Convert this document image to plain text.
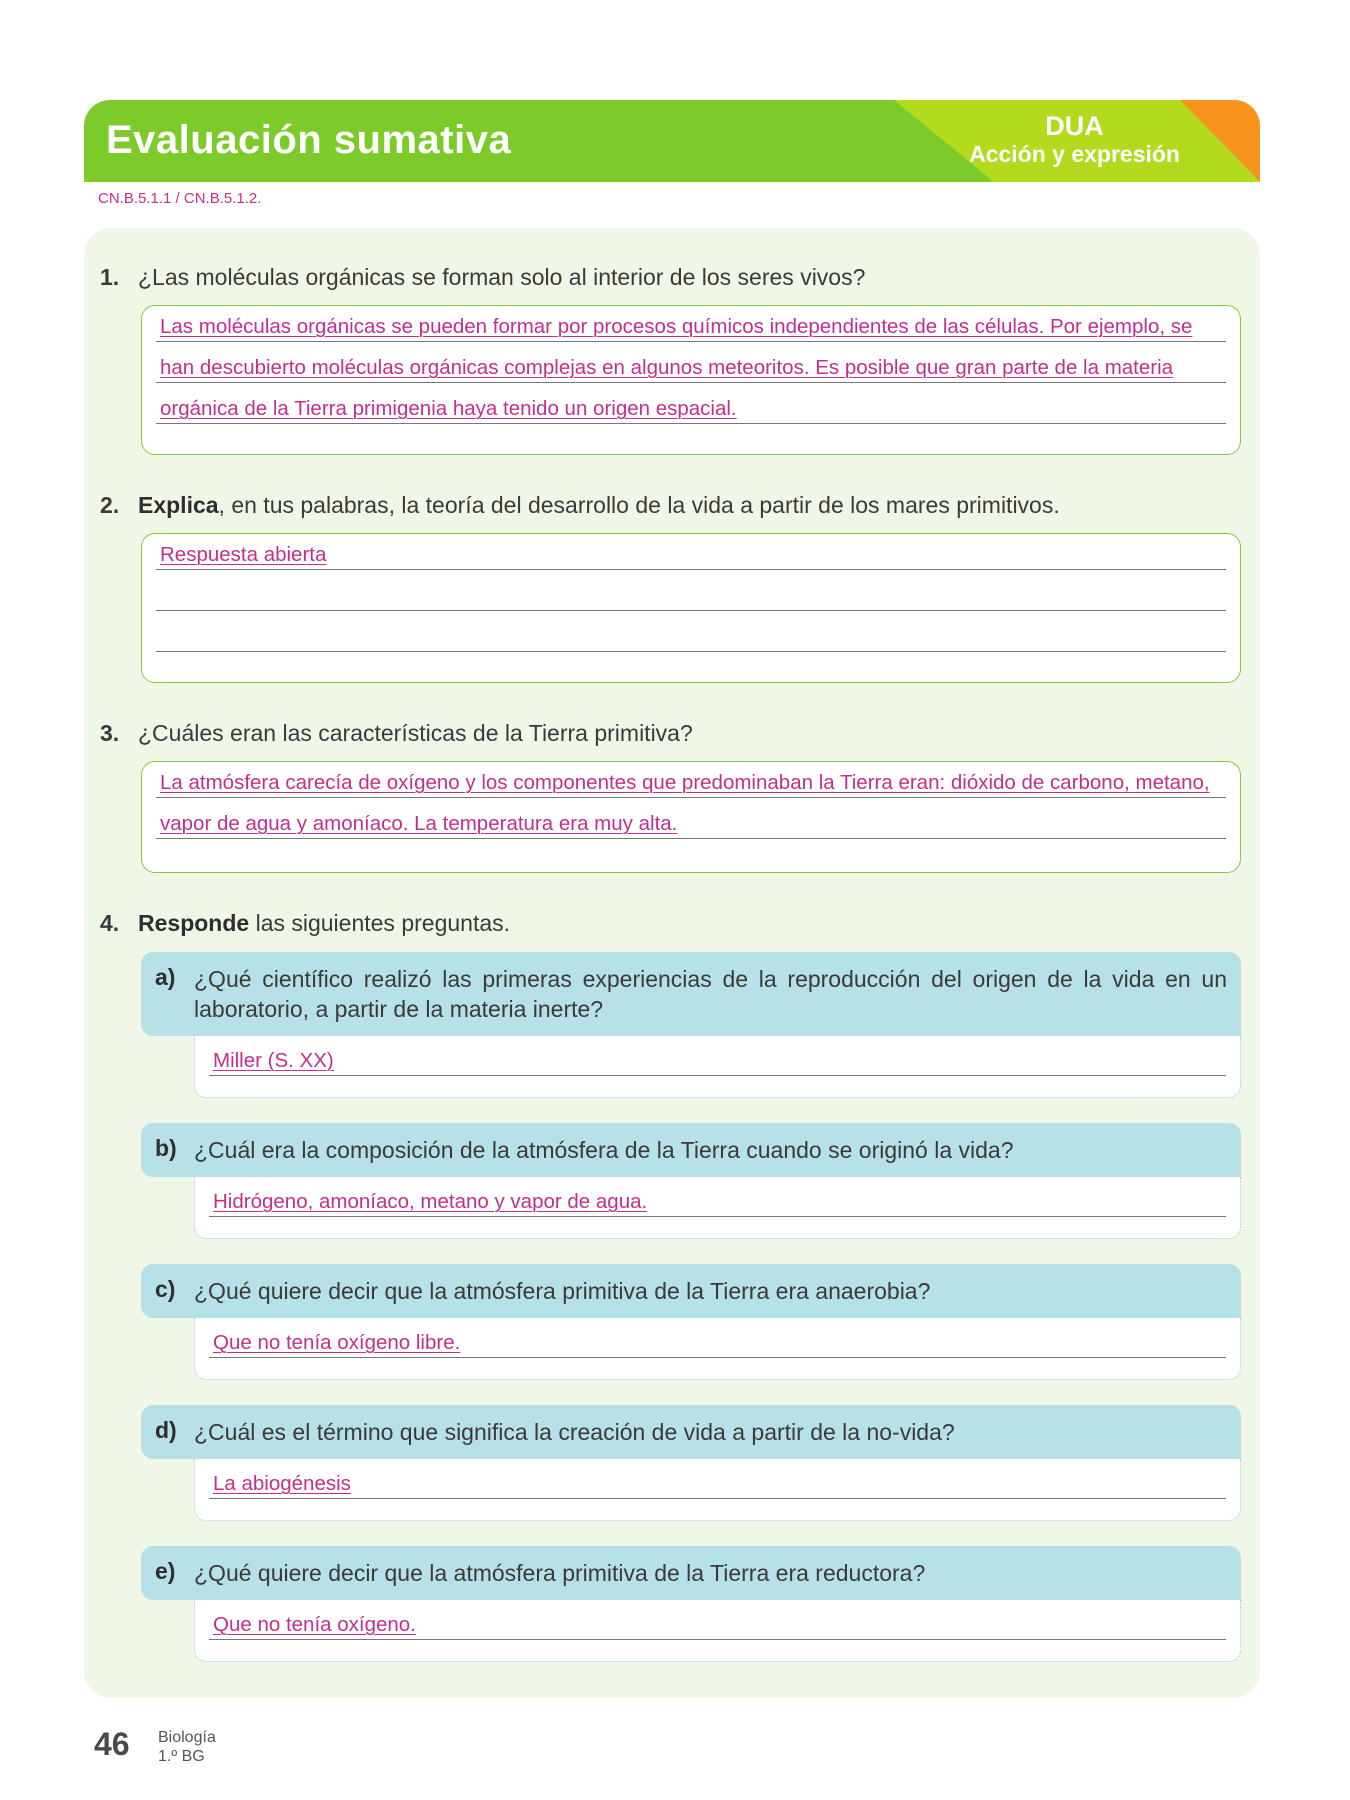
Evaluación sumativa	DUA
Acción y expresión
CN.B.5.1.1 / CN.B.5.1.2.
1. ¿Las moléculas orgánicas se forman solo al interior de los seres vivos?
Las moléculas orgánicas se pueden formar por procesos químicos independientes de las células. Por ejemplo, se
han descubierto moléculas orgánicas complejas en algunos meteoritos. Es posible que gran parte de la materia
orgánica de la Tierra primigenia haya tenido un origen espacial.
2. Explica, en tus palabras, la teoría del desarrollo de la vida a partir de los mares primitivos.
Respuesta abierta
3. ¿Cuáles eran las características de la Tierra primitiva?
La atmósfera carecía de oxígeno y los componentes que predominaban la Tierra eran: dióxido de carbono, metano,
vapor de agua y amoníaco. La temperatura era muy alta.
4. Responde las siguientes preguntas.
a) ¿Qué científico realizó las primeras experiencias de la reproducción del origen de la vida en un laboratorio, a partir de la materia inerte?
Miller (S. XX)
b) ¿Cuál era la composición de la atmósfera de la Tierra cuando se originó la vida?
Hidrógeno, amoníaco, metano y vapor de agua.
c) ¿Qué quiere decir que la atmósfera primitiva de la Tierra era anaerobia?
Que no tenía oxígeno libre.
d) ¿Cuál es el término que significa la creación de vida a partir de la no-vida?
La abiogénesis
e) ¿Qué quiere decir que la atmósfera primitiva de la Tierra era reductora?
Que no tenía oxígeno.
46 Biología
1.º BG
